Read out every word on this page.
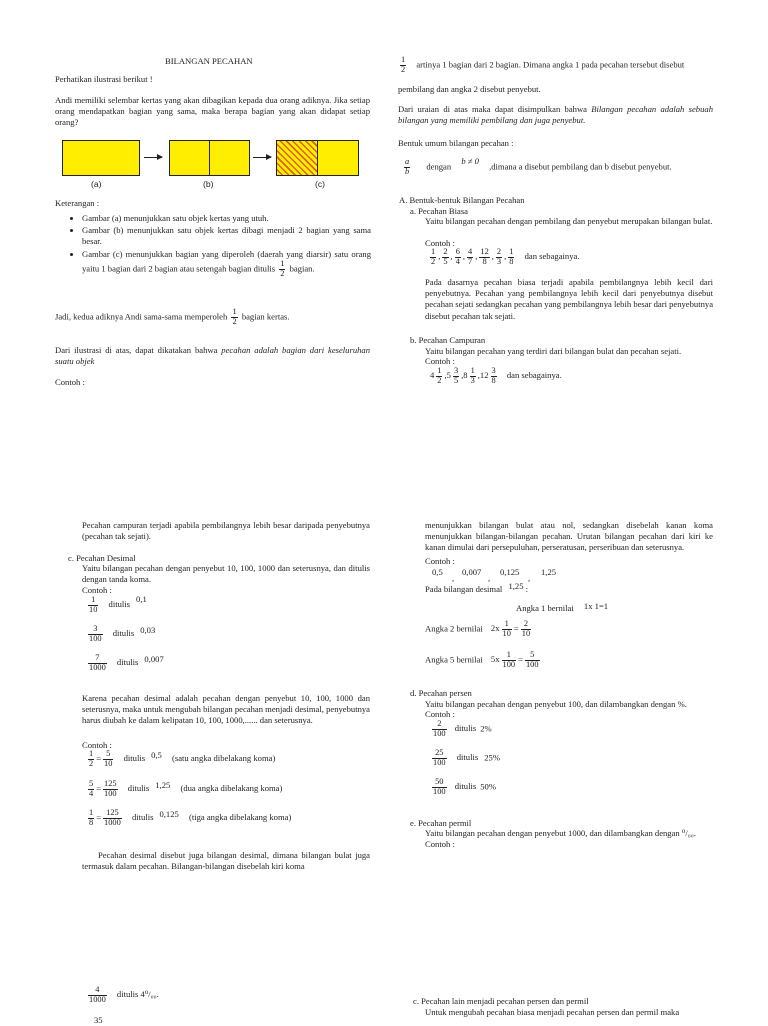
BILANGAN PECAHAN
Perhatikan ilustrasi berikut !
Andi memiliki selembar kertas yang akan dibagikan kepada dua orang adiknya. Jika setiap orang mendapatkan bagian yang sama, maka berapa bagian yang akan didapat setiap orang?
(a)	(b)	(c)
Keterangan :
• Gambar (a) menunjukkan satu objek kertas yang utuh.
• Gambar (b) menunjukkan satu objek kertas dibagi menjadi 2 bagian yang sama besar.
• Gambar (c) menunjukkan bagian yang diperoleh (daerah yang diarsir) satu orang yaitu 1 bagian dari 2 bagian atau setengah bagian ditulis $\frac{1}{2}$ bagian.
Jadi, kedua adiknya Andi sama-sama memperoleh $\frac{1}{2}$ bagian kertas.
Dari ilustrasi di atas, dapat dikatakan bahwa pecahan adalah bagian dari keseluruhan suatu objek
Contoh :
$\frac{1}{2}$ artinya 1 bagian dari 2 bagian. Dimana angka 1 pada pecahan tersebut disebut
pembilang dan angka 2 disebut penyebut.
Dari uraian di atas maka dapat disimpulkan bahwa Bilangan pecahan adalah sebuah bilangan yang memiliki pembilang dan juga penyebut.
Bentuk umum bilangan pecahan :
$\frac{a}{b}$ dengan b ≠ 0 ,dimana a disebut pembilang dan b disebut penyebut.
A. Bentuk-bentuk Bilangan Pecahan
a. Pecahan Biasa
Yaitu bilangan pecahan dengan pembilang dan penyebut merupakan bilangan bulat.
Contoh :
$\frac{1}{2}$ , $\frac{2}{5}$ , $\frac{6}{4}$ , $\frac{4}{7}$ , $\frac{12}{8}$ , $\frac{2}{3}$ , $\frac{1}{8}$ dan sebagainya.
Pada dasarnya pecahan biasa terjadi apabila pembilangnya lebih kecil dari penyebutnya. Pecahan yang pembilangnya lebih kecil dari penyebutnya disebut pecahan sejati sedangkan pecahan yang pembilangnya lebih besar dari penyebutnya disebut pecahan tak sejati.
b. Pecahan Campuran
Yaitu bilangan pecahan yang terdiri dari bilangan bulat dan pecahan sejati.
Contoh :
$4 \frac{1}{2} ,5 \frac{3}{5} ,8 \frac{1}{3} ,12 \frac{3}{8}$ dan sebagainya.
Pecahan campuran terjadi apabila pembilangnya lebih besar daripada penyebutnya (pecahan tak sejati).
c. Pecahan Desimal
Yaitu bilangan pecahan dengan penyebut 10, 100, 1000 dan seterusnya, dan ditulis dengan tanda koma.
Contoh :
$\frac{1}{10}$ ditulis 0,1
$\frac{3}{100}$ ditulis 0,03
$\frac{7}{1000}$ ditulis 0,007
Karena pecahan desimal adalah pecahan dengan penyebut 10, 100, 1000 dan seterusnya, maka untuk mengubah bilangan pecahan menjadi desimal, penyebutnya harus diubah ke dalam kelipatan 10, 100, 1000,...... dan seterusnya.
Contoh :
$\frac{1}{2} = \frac{5}{10}$ ditulis 0,5 (satu angka dibelakang koma)
$\frac{5}{4} = \frac{125}{100}$ ditulis 1,25 (dua angka dibelakang koma)
$\frac{1}{8} = \frac{125}{1000}$ ditulis 0,125 (tiga angka dibelakang koma)
Pecahan desimal disebut juga bilangan desimal, dimana bilangan bulat juga termasuk dalam pecahan. Bilangan-bilangan disebelah kiri koma
menunjukkan bilangan bulat atau nol, sedangkan disebelah kanan koma menunjukkan bilangan-bilangan pecahan. Urutan bilangan pecahan dari kiri ke kanan dimulai dari persepuluhan, perseratusan, perseribuan dan seterusnya.
Contoh :
0,5
,
0,007
,
0,125
,
1,25
Pada bilangan desimal 1,25 :
Angka 1 bernilai 1x 1=1
Angka 2 bernilai $2x \frac{1}{10} = \frac{2}{10}$
Angka 5 bernilai $5x \frac{1}{100} = \frac{5}{100}$
d. Pecahan persen
Yaitu bilangan pecahan dengan penyebut 100, dan dilambangkan dengan %.
Contoh :
$\frac{2}{100}$ ditulis 2%
$\frac{25}{100}$ ditulis 25%
$\frac{50}{100}$ ditulis 50%
e. Pecahan permil
Yaitu bilangan pecahan dengan penyebut 1000, dan dilambangkan dengan ⁰/₀₀.
Contoh :
$\frac{4}{1000}$ ditulis 4⁰/₀₀.
35
c. Pecahan lain menjadi pecahan persen dan permil
Untuk mengubah pecahan biasa menjadi pecahan persen dan permil maka
